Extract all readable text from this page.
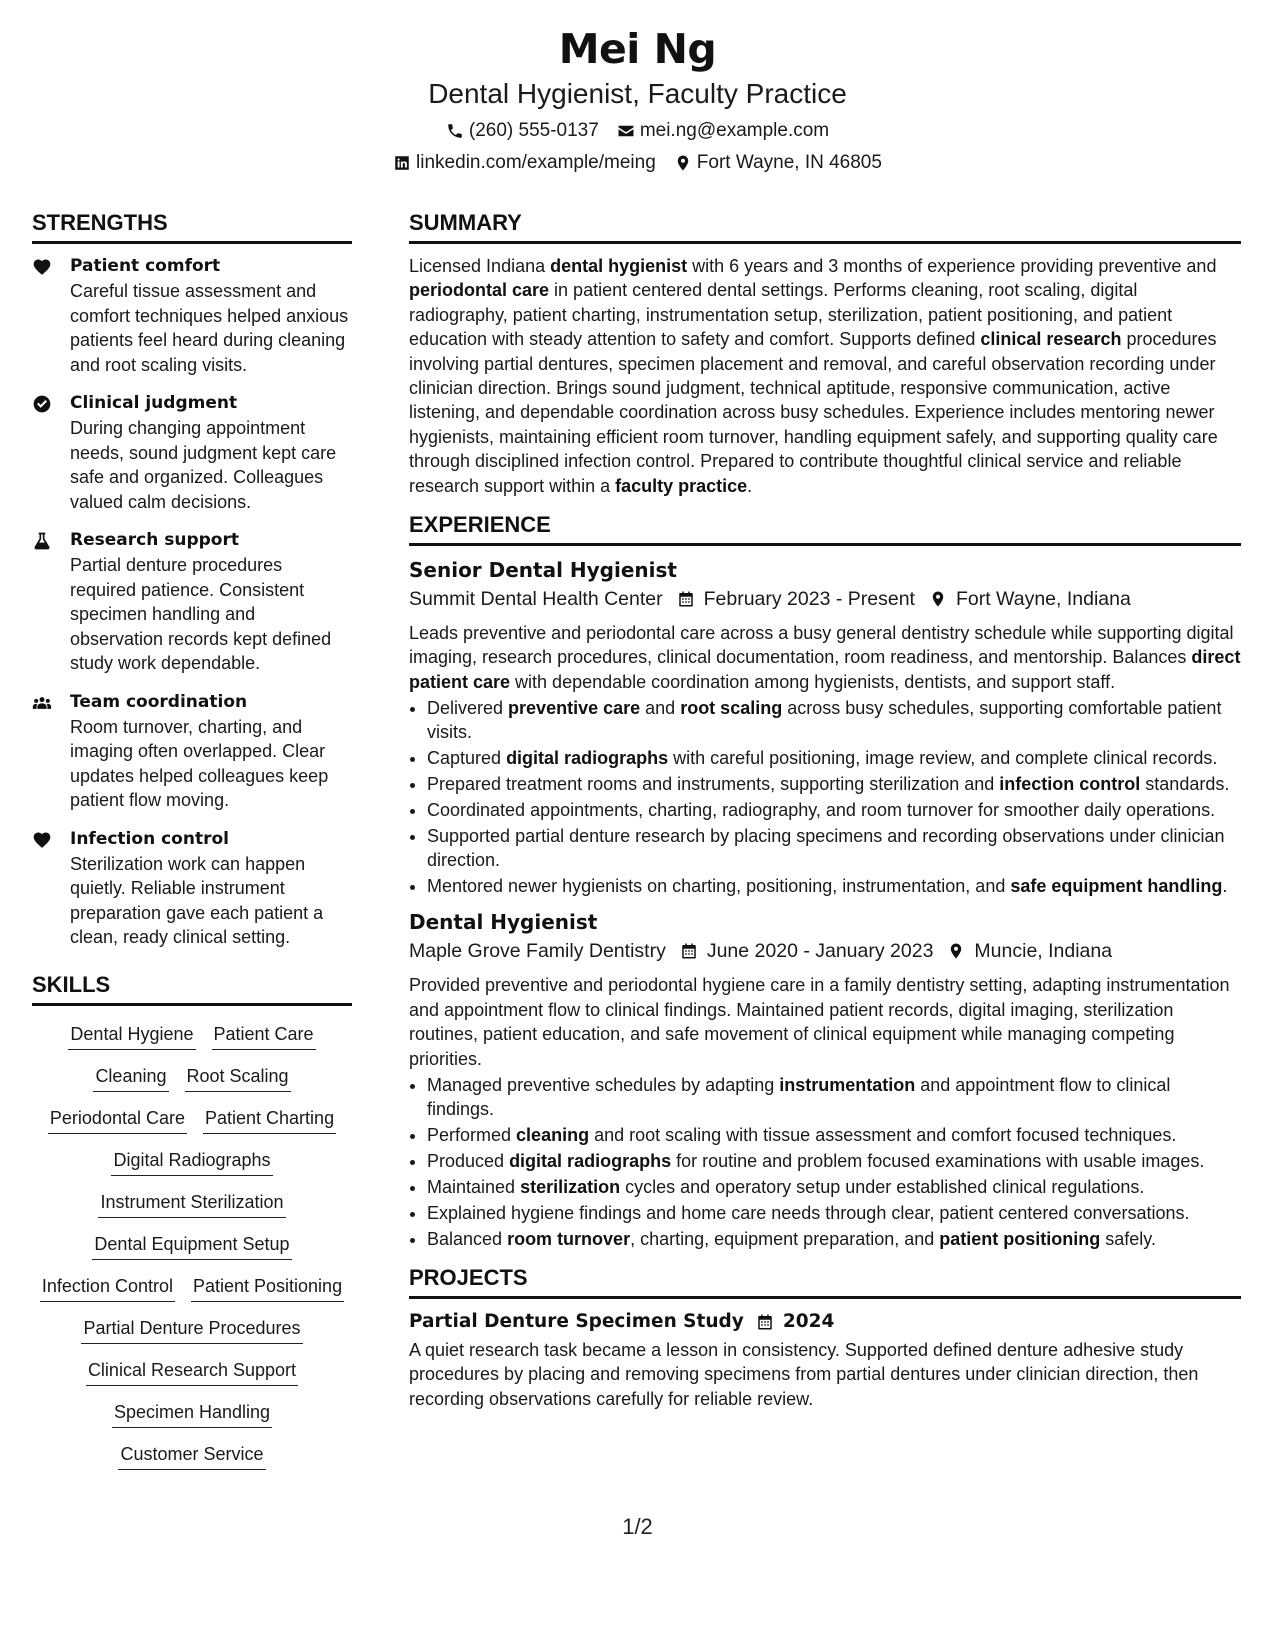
Mei Ng
Dental Hygienist, Faculty Practice
(260) 555-0137 mei.ng@example.com
linkedin.com/example/meing Fort Wayne, IN 46805
STRENGTHS
Patient comfort
Careful tissue assessment and comfort techniques helped anxious patients feel heard during cleaning and root scaling visits.
Clinical judgment
During changing appointment needs, sound judgment kept care safe and organized. Colleagues valued calm decisions.
Research support
Partial denture procedures required patience. Consistent specimen handling and observation records kept defined study work dependable.
Team coordination
Room turnover, charting, and imaging often overlapped. Clear updates helped colleagues keep patient flow moving.
Infection control
Sterilization work can happen quietly. Reliable instrument preparation gave each patient a clean, ready clinical setting.
SKILLS
Dental Hygiene Patient Care
Cleaning Root Scaling
Periodontal Care Patient Charting
Digital Radiographs
Instrument Sterilization
Dental Equipment Setup
Infection Control Patient Positioning
Partial Denture Procedures
Clinical Research Support
Specimen Handling
Customer Service
SUMMARY
Licensed Indiana dental hygienist with 6 years and 3 months of experience providing preventive and periodontal care in patient centered dental settings. Performs cleaning, root scaling, digital radiography, patient charting, instrumentation setup, sterilization, patient positioning, and patient education with steady attention to safety and comfort. Supports defined clinical research procedures involving partial dentures, specimen placement and removal, and careful observation recording under clinician direction. Brings sound judgment, technical aptitude, responsive communication, active listening, and dependable coordination across busy schedules. Experience includes mentoring newer hygienists, maintaining efficient room turnover, handling equipment safely, and supporting quality care through disciplined infection control. Prepared to contribute thoughtful clinical service and reliable research support within a faculty practice.
EXPERIENCE
Senior Dental Hygienist
Summit Dental Health Center February 2023 - Present Fort Wayne, Indiana
Leads preventive and periodontal care across a busy general dentistry schedule while supporting digital imaging, research procedures, clinical documentation, room readiness, and mentorship. Balances direct patient care with dependable coordination among hygienists, dentists, and support staff.
• Delivered preventive care and root scaling across busy schedules, supporting comfortable patient visits.
• Captured digital radiographs with careful positioning, image review, and complete clinical records.
• Prepared treatment rooms and instruments, supporting sterilization and infection control standards.
• Coordinated appointments, charting, radiography, and room turnover for smoother daily operations.
• Supported partial denture research by placing specimens and recording observations under clinician direction.
• Mentored newer hygienists on charting, positioning, instrumentation, and safe equipment handling.
Dental Hygienist
Maple Grove Family Dentistry June 2020 - January 2023 Muncie, Indiana
Provided preventive and periodontal hygiene care in a family dentistry setting, adapting instrumentation and appointment flow to clinical findings. Maintained patient records, digital imaging, sterilization routines, patient education, and safe movement of clinical equipment while managing competing priorities.
• Managed preventive schedules by adapting instrumentation and appointment flow to clinical findings.
• Performed cleaning and root scaling with tissue assessment and comfort focused techniques.
• Produced digital radiographs for routine and problem focused examinations with usable images.
• Maintained sterilization cycles and operatory setup under established clinical regulations.
• Explained hygiene findings and home care needs through clear, patient centered conversations.
• Balanced room turnover, charting, equipment preparation, and patient positioning safely.
PROJECTS
Partial Denture Specimen Study 2024
A quiet research task became a lesson in consistency. Supported defined denture adhesive study procedures by placing and removing specimens from partial dentures under clinician direction, then recording observations carefully for reliable review.
1/2
